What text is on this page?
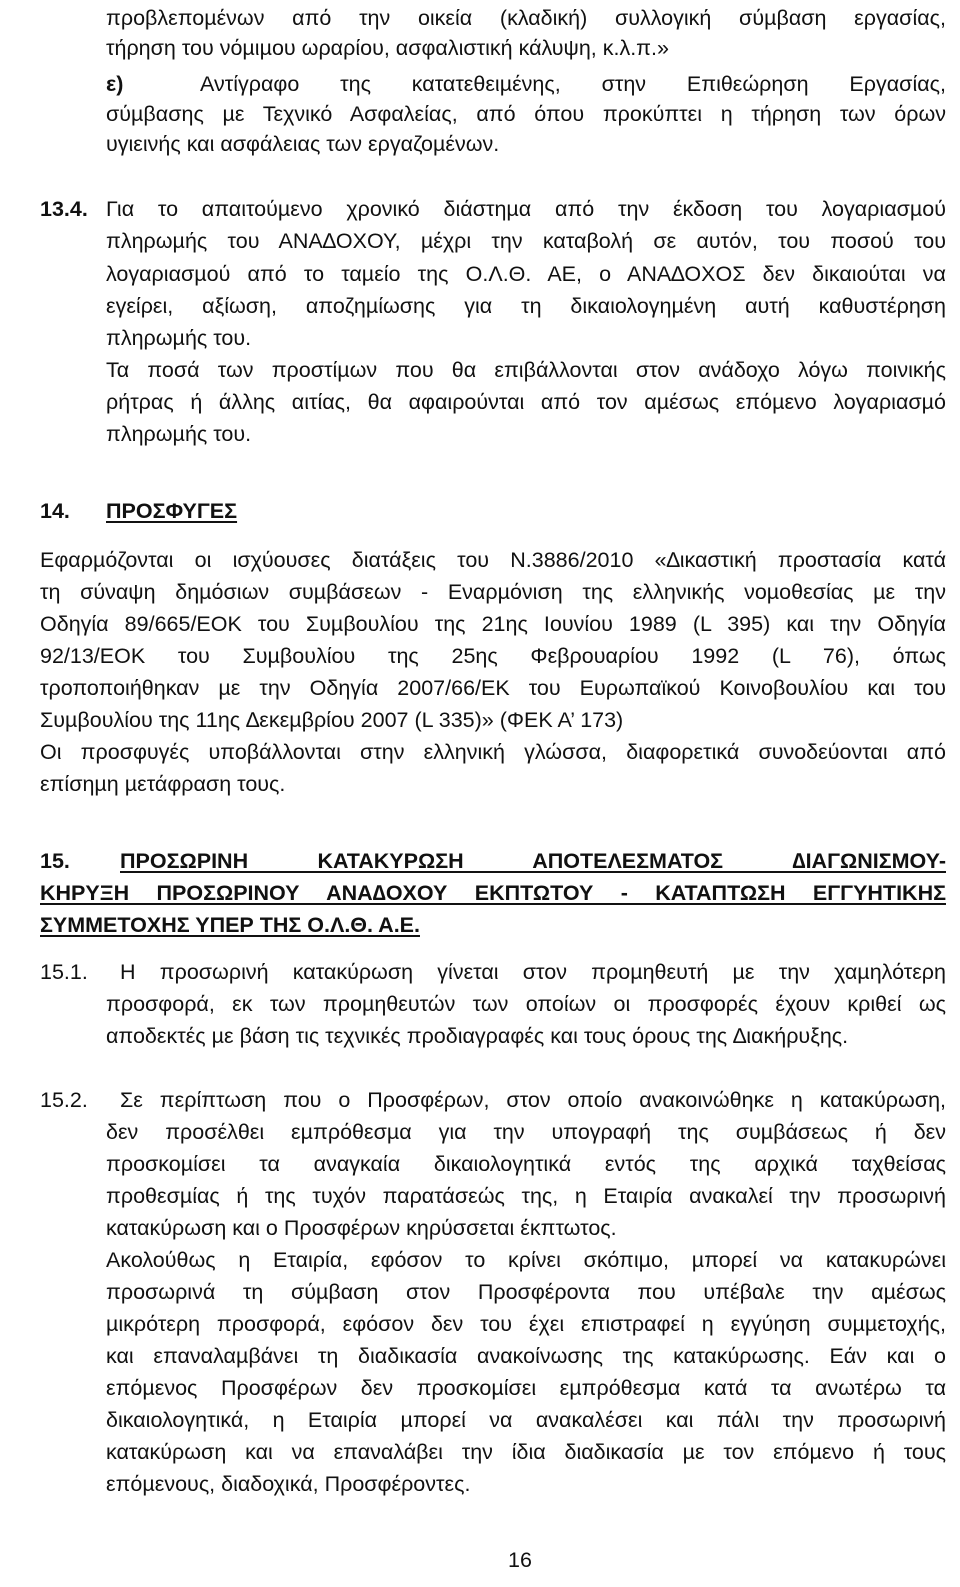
προβλεποµένων από την οικεία (κλαδική) συλλογική σύµβαση εργασίας,
τήρηση του νόµιµου ωραρίου, ασφαλιστική κάλυψη, κ.λ.π.»
ε)	Αντίγραφο της κατατεθειµένης, στην Επιθεώρηση Εργασίας,
σύµβασης µε Τεχνικό Ασφαλείας, από όπου προκύπτει η τήρηση των όρων
υγιεινής και ασφάλειας των εργαζοµένων.
13.4. Για το απαιτούµενο χρονικό διάστηµα από την έκδοση του λογαριασµού
πληρωµής του ΑΝΑ∆ΟΧΟΥ, µέχρι την καταβολή σε αυτόν, του ποσού του
λογαριασµού από το ταµείο της Ο.Λ.Θ. ΑΕ, ο ΑΝΑ∆ΟΧΟΣ δεν δικαιούται να
εγείρει, αξίωση, αποζηµίωσης για τη δικαιολογηµένη αυτή καθυστέρηση
πληρωµής του.
Τα ποσά των προστίµων που θα επιβάλλονται στον ανάδοχο λόγω ποινικής
ρήτρας ή άλλης αιτίας, θα αφαιρούνται από τον αµέσως επόµενο λογαριασµό
πληρωµής του.
14. ΠΡΟΣΦΥΓΕΣ
Εφαρµόζονται οι ισχύουσες διατάξεις του Ν.3886/2010 «∆ικαστική προστασία κατά
τη σύναψη δηµόσιων συµβάσεων - Εναρµόνιση της ελληνικής νοµοθεσίας µε την
Οδηγία 89/665/ΕΟΚ του Συµβουλίου της 21ης Ιουνίου 1989 (L 395) και την Οδηγία
92/13/ΕΟΚ του Συµβουλίου της 25ης Φεβρουαρίου 1992 (L 76), όπως
τροποποιήθηκαν µε την Οδηγία 2007/66/ΕΚ του Ευρωπαϊκού Κοινοβουλίου και του
Συµβουλίου της 11ης ∆εκεµβρίου 2007 (L 335)» (ΦΕΚ Α’ 173)
Οι προσφυγές υποβάλλονται στην ελληνική γλώσσα, διαφορετικά συνοδεύονται από
επίσηµη µετάφραση τους.
15. ΠΡΟΣΩΡΙΝΗ ΚΑΤΑΚΥΡΩΣΗ ΑΠΟΤΕΛΕΣΜΑΤΟΣ ∆ΙΑΓΩΝΙΣΜΟΥ-
ΚΗΡΥΞΗ ΠΡΟΣΩΡΙΝΟΥ ΑΝΑ∆ΟΧΟΥ ΕΚΠΤΩΤΟΥ - ΚΑΤΑΠΤΩΣΗ ΕΓΓΥΗΤΙΚΗΣ
ΣΥΜΜΕΤΟΧΗΣ ΥΠΕΡ ΤΗΣ Ο.Λ.Θ. Α.Ε.
15.1. Η προσωρινή κατακύρωση γίνεται στον προµηθευτή µε την χαµηλότερη
προσφορά, εκ των προµηθευτών των οποίων οι προσφορές έχουν κριθεί ως
αποδεκτές µε βάση τις τεχνικές προδιαγραφές και τους όρους της ∆ιακήρυξης.
15.2. Σε περίπτωση που ο Προσφέρων, στον οποίο ανακοινώθηκε η κατακύρωση,
δεν προσέλθει εµπρόθεσµα για την υπογραφή της συµβάσεως ή δεν
προσκοµίσει τα αναγκαία δικαιολογητικά εντός της αρχικά ταχθείσας
προθεσµίας ή της τυχόν παρατάσεώς της, η Εταιρία ανακαλεί την προσωρινή
κατακύρωση και ο Προσφέρων κηρύσσεται έκπτωτος.
Ακολούθως η Εταιρία, εφόσον το κρίνει σκόπιµο, µπορεί να κατακυρώνει
προσωρινά τη σύµβαση στον Προσφέροντα που υπέβαλε την αµέσως
µικρότερη προσφορά, εφόσον δεν του έχει επιστραφεί η εγγύηση συµµετοχής,
και επαναλαµβάνει τη διαδικασία ανακοίνωσης της κατακύρωσης. Εάν και ο
επόµενος Προσφέρων δεν προσκοµίσει εµπρόθεσµα κατά τα ανωτέρω τα
δικαιολογητικά, η Εταιρία µπορεί να ανακαλέσει και πάλι την προσωρινή
κατακύρωση και να επαναλάβει την ίδια διαδικασία µε τον επόµενο ή τους
επόµενους, διαδοχικά, Προσφέροντες.
16
